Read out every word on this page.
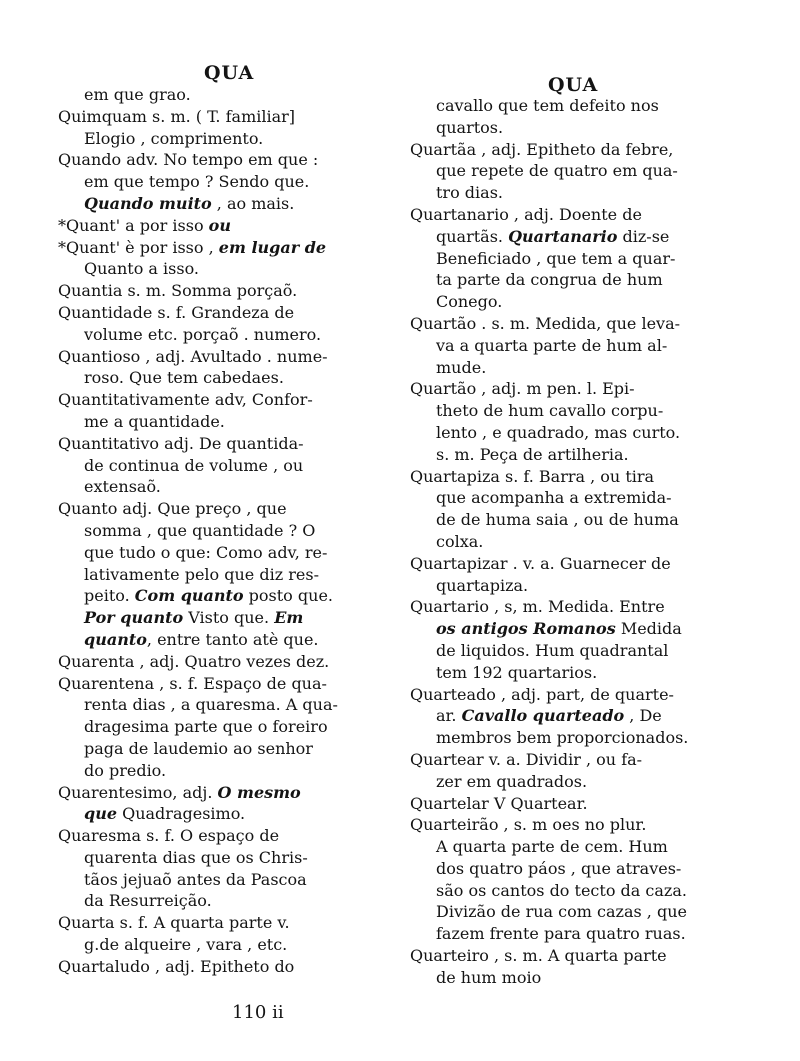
QUA
QUA
em que grao.
Quimquam s. m. ( T. familiar]
Elogio , comprimento.
Quando adv. No tempo em que :
em que tempo ? Sendo que.
Quando muito , ao mais.
*Quant' a por isso ou
*Quant' è por isso , em lugar de
Quanto a isso.
Quantia s. m. Somma porçaõ.
Quantidade s. f. Grandeza de
volume etc. porçaõ . numero.
Quantioso , adj. Avultado . nume-
roso. Que tem cabedaes.
Quantitativamente adv, Confor-
me a quantidade.
Quantitativo adj. De quantida-
de continua de volume , ou
extensaõ.
Quanto adj. Que preço , que
somma , que quantidade ? O
que tudo o que: Como adv, re-
lativamente pelo que diz res-
peito. Com quanto posto que.
Por quanto Visto que. Em
quanto, entre tanto atè que.
Quarenta , adj. Quatro vezes dez.
Quarentena , s. f. Espaço de qua-
renta dias , a quaresma. A qua-
dragesima parte que o foreiro
paga de laudemio ao senhor
do predio.
Quarentesimo, adj. O mesmo
que Quadragesimo.
Quaresma s. f. O espaço de
quarenta dias que os Chris-
tãos jejuaõ antes da Pascoa
da Resurreição.
Quarta s. f. A quarta parte v.
g.de alqueire , vara , etc.
Quartaludo , adj. Epitheto do
cavallo que tem defeito nos
quartos.
Quartãa , adj. Epitheto da febre,
que repete de quatro em qua-
tro dias.
Quartanario , adj. Doente de
quartãs. Quartanario diz-se
Beneficiado , que tem a quar-
ta parte da congrua de hum
Conego.
Quartão . s. m. Medida, que leva-
va a quarta parte de hum al-
mude.
Quartão , adj. m pen. l. Epi-
theto de hum cavallo corpu-
lento , e quadrado, mas curto.
s. m. Peça de artilheria.
Quartapiza s. f. Barra , ou tira
que acompanha a extremida-
de de huma saia , ou de huma
colxa.
Quartapizar . v. a. Guarnecer de
quartapiza.
Quartario , s, m. Medida. Entre
os antigos Romanos Medida
de liquidos. Hum quadrantal
tem 192 quartarios.
Quarteado , adj. part, de quarte-
ar. Cavallo quarteado , De
membros bem proporcionados.
Quartear v. a. Dividir , ou fa-
zer em quadrados.
Quartelar V Quartear.
Quarteirão , s. m oes no plur.
A quarta parte de cem. Hum
dos quatro páos , que atraves-
são os cantos do tecto da caza.
Divizão de rua com cazas , que
fazem frente para quatro ruas.
Quarteiro , s. m. A quarta parte
de hum moio
110 ii
